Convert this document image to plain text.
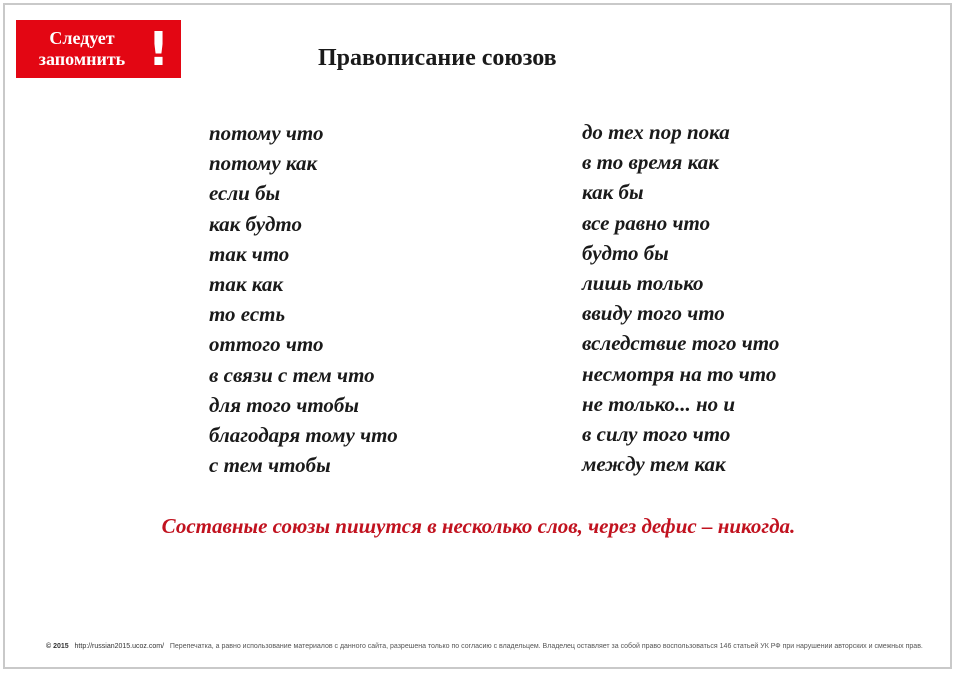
Следует
запомнить !	Правописание союзов
потому что
потому как
если бы
как будто
так что
так как
то есть
оттого что
в связи с тем что
для того чтобы
благодаря тому что
с тем чтобы
до тех пор пока
в то время как
как бы
все равно что
будто бы
лишь только
ввиду того что
вследствие того что
несмотря на то что
не только... но и
в силу того что
между тем как
Составные союзы пишутся в несколько слов, через дефис – никогда.
© 2015 http://russian2015.ucoz.com/ Перепечатка, а равно использование материалов с данного сайта, разрешена только по согласию с владельцем. Владелец оставляет за собой право воспользоваться 146 статьей УК РФ при нарушении авторских и смежных прав.
